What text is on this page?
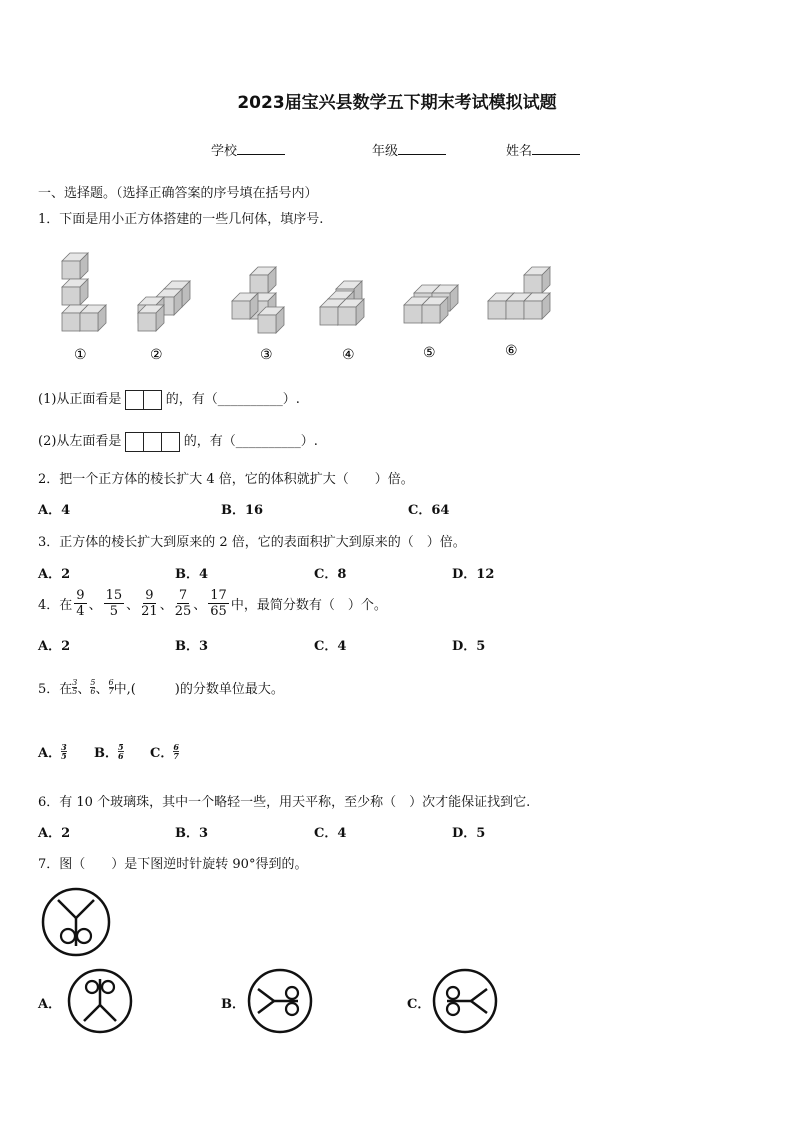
2023届宝兴县数学五下期末考试模拟试题
学校	年级	姓名
一、选择题。（选择正确答案的序号填在括号内）
1．下面是用小正方体搭建的一些几何体，填序号.
①	②	③	④	⑤	⑥
(1)从正面看是	的，有（__________）.
(2)从左面看是	的，有（__________）.
2．把一个正方体的棱长扩大 4 倍，它的体积就扩大（　　）倍。
A．4	B．16	C．64
3．正方体的棱长扩大到原来的 2 倍，它的表面积扩大到原来的（　）倍。
A．2	B．4	C．8	D．12
4．在 $\frac{9}{4}$ 、 $\frac{15}{5}$ 、 $\frac{9}{21}$ 、 $\frac{7}{25}$ 、 $\frac{17}{65}$ 中，最简分数有（　）个。
A．2	B．3	C．4	D．5
5．在 3
5 、 5
6 、 6
7 中,(　　　)的分数单位最大。
A． 3
5 B． 5
6 C． 6
7
6．有 10 个玻璃珠，其中一个略轻一些，用天平称，至少称（　）次才能保证找到它.
A．2	B．3	C．4	D．5
7．图（　　）是下图逆时针旋转 90°得到的。
A．	B．	C．
